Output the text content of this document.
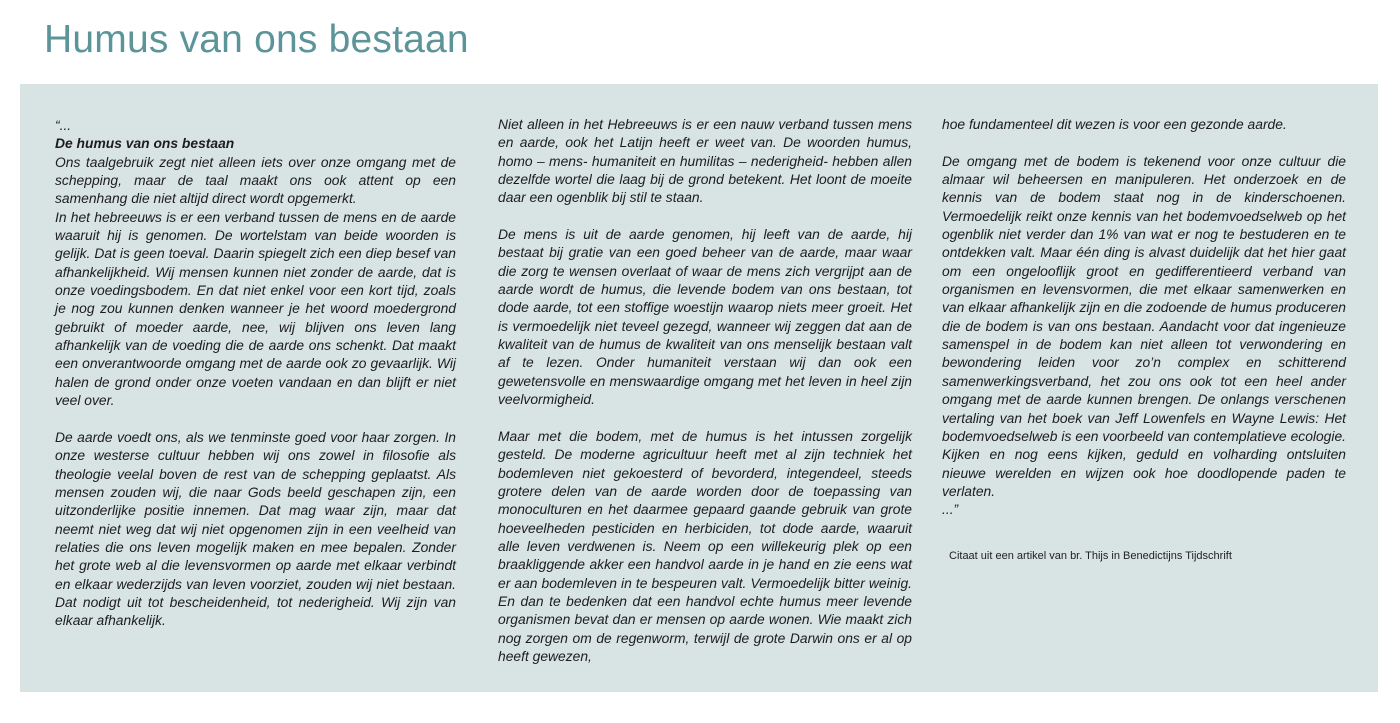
Humus van ons bestaan

“...

De humus van ons bestaan

Ons taalgebruik zegt niet alleen iets over onze omgang met de schepping, maar de taal maakt ons ook attent op een samenhang die niet altijd direct wordt opgemerkt.

In het hebreeuws is er een verband tussen de mens en de aarde waaruit hij is genomen. De wortelstam van beide woorden is gelijk. Dat is geen toeval. Daarin spiegelt zich een diep besef van afhankelijkheid. Wij mensen kunnen niet zonder de aarde, dat is onze voedingsbodem. En dat niet enkel voor een kort tijd, zoals je nog zou kunnen denken wanneer je het woord moedergrond gebruikt of moeder aarde, nee, wij blijven ons leven lang afhankelijk van de voeding die de aarde ons schenkt. Dat maakt een onverantwoorde omgang met de aarde ook zo gevaarlijk. Wij halen de grond onder onze voeten vandaan en dan blijft er niet veel over.

De aarde voedt ons, als we tenminste goed voor haar zorgen. In onze westerse cultuur hebben wij ons zowel in filosofie als theologie veelal boven de rest van de schepping geplaatst. Als mensen zouden wij, die naar Gods beeld geschapen zijn, een uitzonderlijke positie innemen. Dat mag waar zijn, maar dat neemt niet weg dat wij niet opgenomen zijn in een veelheid van relaties die ons leven mogelijk maken en mee bepalen. Zonder het grote web al die levensvormen op aarde met elkaar verbindt en elkaar wederzijds van leven voorziet, zouden wij niet bestaan. Dat nodigt uit tot bescheidenheid, tot nederigheid. Wij zijn van elkaar afhankelijk.

Niet alleen in het Hebreeuws is er een nauw verband tussen mens en aarde, ook het Latijn heeft er weet van. De woorden humus, homo – mens- humaniteit en humilitas – nederigheid- hebben allen dezelfde wortel die laag bij de grond betekent. Het loont de moeite daar een ogenblik bij stil te staan.

De mens is uit de aarde genomen, hij leeft van de aarde, hij bestaat bij gratie van een goed beheer van de aarde, maar waar die zorg te wensen overlaat of waar de mens zich vergrijpt aan de aarde wordt de humus, die levende bodem van ons bestaan, tot dode aarde, tot een stoffige woestijn waarop niets meer groeit. Het is vermoedelijk niet teveel gezegd, wanneer wij zeggen dat aan de kwaliteit van de humus de kwaliteit van ons menselijk bestaan valt af te lezen. Onder humaniteit verstaan wij dan ook een gewetensvolle en menswaardige omgang met het leven in heel zijn veelvormigheid.

Maar met die bodem, met de humus is het intussen zorgelijk gesteld. De moderne agricultuur heeft met al zijn techniek het bodemleven niet gekoesterd of bevorderd, integendeel, steeds grotere delen van de aarde worden door de toepassing van monoculturen en het daarmee gepaard gaande gebruik van grote hoeveelheden pesticiden en herbiciden, tot dode aarde, waaruit alle leven verdwenen is. Neem op een willekeurig plek op een braakliggende akker een handvol aarde in je hand en zie eens wat er aan bodemleven in te bespeuren valt. Vermoedelijk bitter weinig. En dan te bedenken dat een handvol echte humus meer levende organismen bevat dan er mensen op aarde wonen. Wie maakt zich nog zorgen om de regenworm, terwijl de grote Darwin ons er al op heeft gewezen,

hoe fundamenteel dit wezen is voor een gezonde aarde.

De omgang met de bodem is tekenend voor onze cultuur die almaar wil beheersen en manipuleren. Het onderzoek en de kennis van de bodem staat nog in de kinderschoenen. Vermoedelijk reikt onze kennis van het bodemvoedselweb op het ogenblik niet verder dan 1% van wat er nog te bestuderen en te ontdekken valt. Maar één ding is alvast duidelijk dat het hier gaat om een ongelooflijk groot en gedifferentieerd verband van organismen en levensvormen, die met elkaar samenwerken en van elkaar afhankelijk zijn en die zodoende de humus produceren die de bodem is van ons bestaan. Aandacht voor dat ingenieuze samenspel in de bodem kan niet alleen tot verwondering en bewondering leiden voor zo’n complex en schitterend samenwerkingsverband, het zou ons ook tot een heel ander omgang met de aarde kunnen brengen. De onlangs verschenen vertaling van het boek van Jeff Lowenfels en Wayne Lewis: Het bodemvoedselweb is een voorbeeld van contemplatieve ecologie. Kijken en nog eens kijken, geduld en volharding ontsluiten nieuwe werelden en wijzen ook hoe doodlopende paden te verlaten.

...”

Citaat uit een artikel van br. Thijs in Benedictijns Tijdschrift
